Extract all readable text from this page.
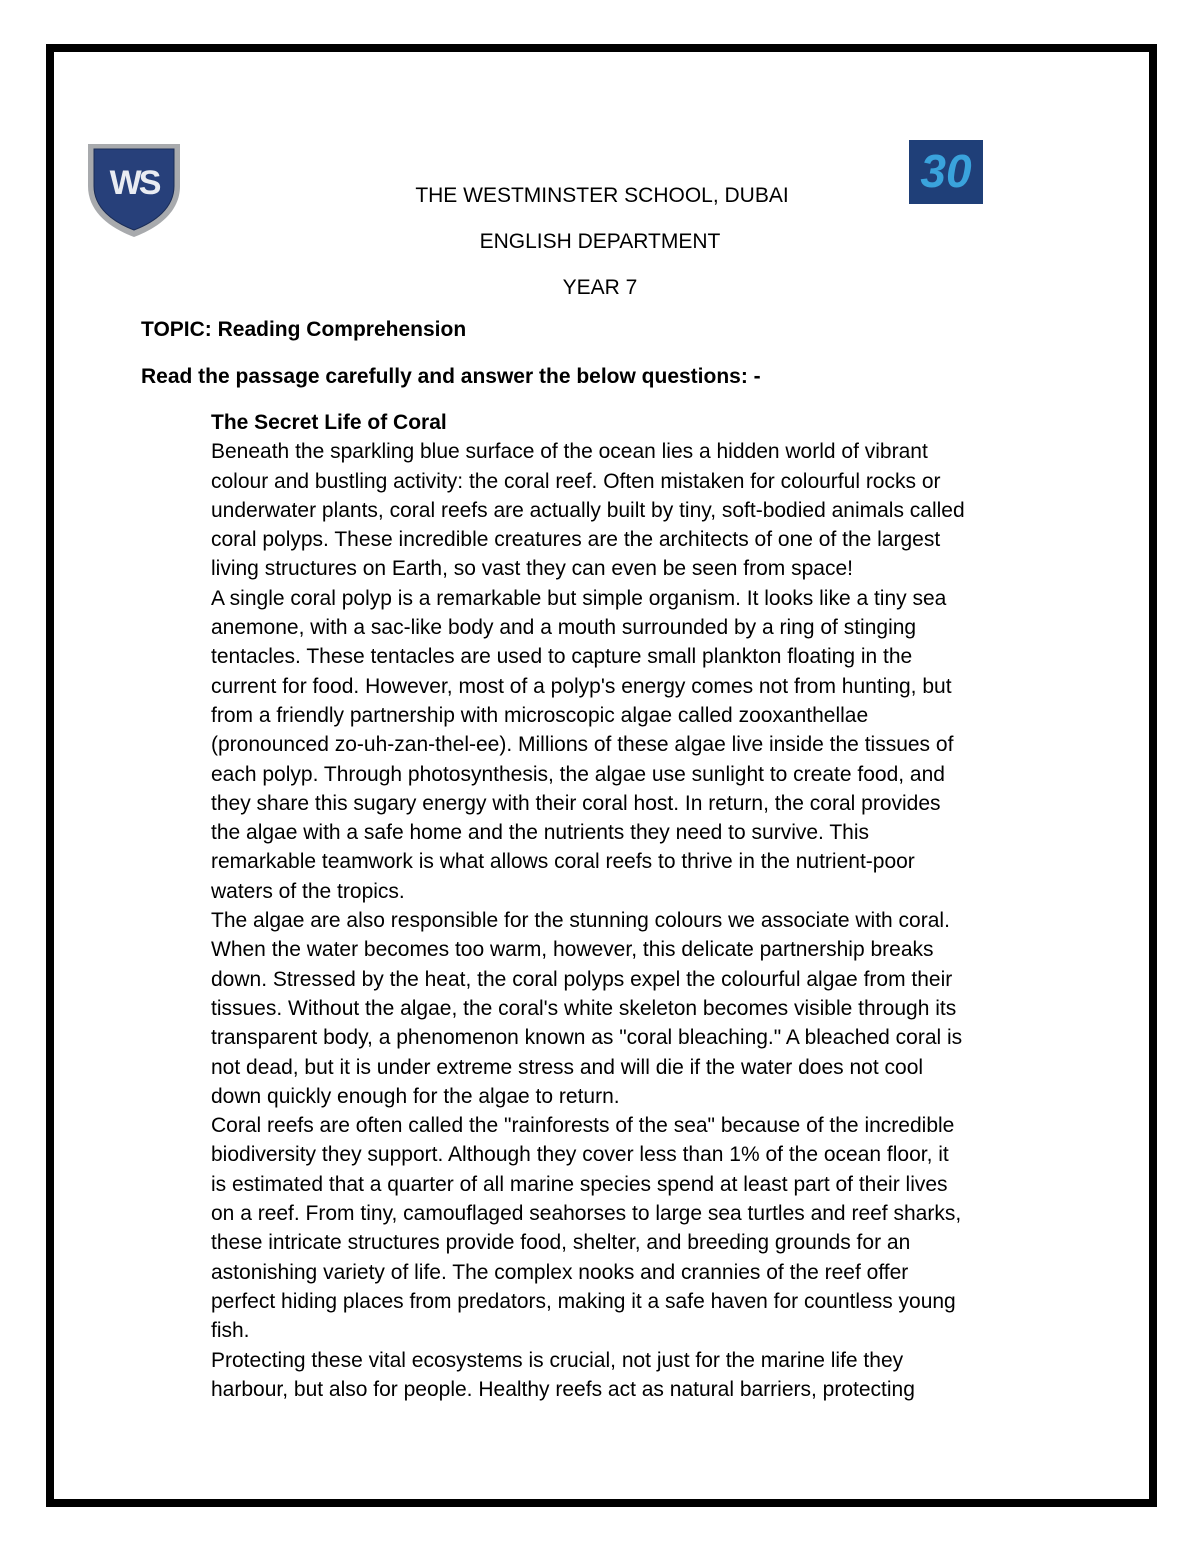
WS	30
THE WESTMINSTER SCHOOL, DUBAI
ENGLISH DEPARTMENT
YEAR 7
TOPIC: Reading Comprehension
Read the passage carefully and answer the below questions: -
The Secret Life of Coral
Beneath the sparkling blue surface of the ocean lies a hidden world of vibrant
colour and bustling activity: the coral reef. Often mistaken for colourful rocks or
underwater plants, coral reefs are actually built by tiny, soft-bodied animals called
coral polyps. These incredible creatures are the architects of one of the largest
living structures on Earth, so vast they can even be seen from space!
A single coral polyp is a remarkable but simple organism. It looks like a tiny sea
anemone, with a sac-like body and a mouth surrounded by a ring of stinging
tentacles. These tentacles are used to capture small plankton floating in the
current for food. However, most of a polyp's energy comes not from hunting, but
from a friendly partnership with microscopic algae called zooxanthellae
(pronounced zo-uh-zan-thel-ee). Millions of these algae live inside the tissues of
each polyp. Through photosynthesis, the algae use sunlight to create food, and
they share this sugary energy with their coral host. In return, the coral provides
the algae with a safe home and the nutrients they need to survive. This
remarkable teamwork is what allows coral reefs to thrive in the nutrient-poor
waters of the tropics.
The algae are also responsible for the stunning colours we associate with coral.
When the water becomes too warm, however, this delicate partnership breaks
down. Stressed by the heat, the coral polyps expel the colourful algae from their
tissues. Without the algae, the coral's white skeleton becomes visible through its
transparent body, a phenomenon known as "coral bleaching." A bleached coral is
not dead, but it is under extreme stress and will die if the water does not cool
down quickly enough for the algae to return.
Coral reefs are often called the "rainforests of the sea" because of the incredible
biodiversity they support. Although they cover less than 1% of the ocean floor, it
is estimated that a quarter of all marine species spend at least part of their lives
on a reef. From tiny, camouflaged seahorses to large sea turtles and reef sharks,
these intricate structures provide food, shelter, and breeding grounds for an
astonishing variety of life. The complex nooks and crannies of the reef offer
perfect hiding places from predators, making it a safe haven for countless young
fish.
Protecting these vital ecosystems is crucial, not just for the marine life they
harbour, but also for people. Healthy reefs act as natural barriers, protecting
